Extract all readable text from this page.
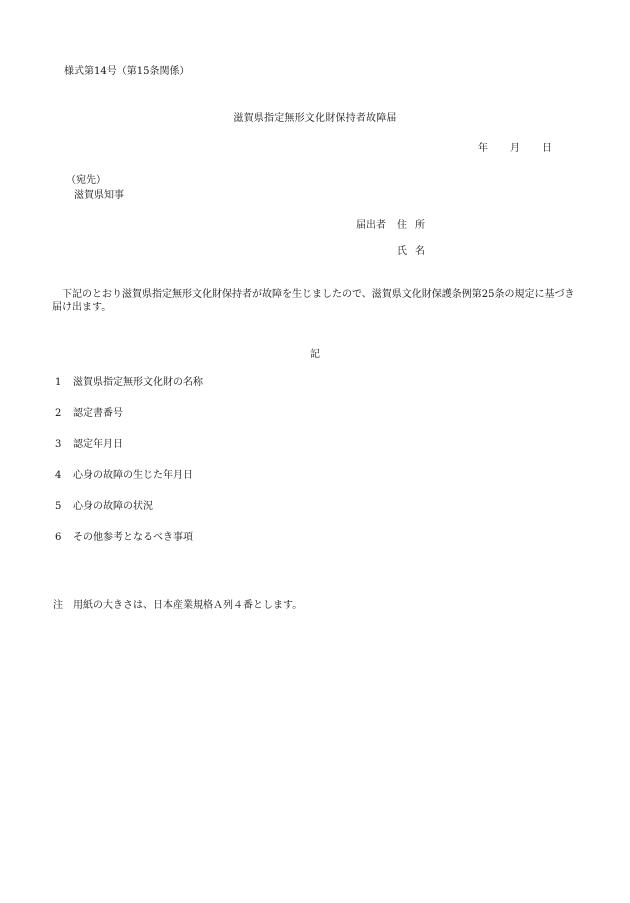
様式第14号（第15条関係）
滋賀県指定無形文化財保持者故障届
年 月 日
（宛先）
滋賀県知事
届出者 住所
氏名
下記のとおり滋賀県指定無形文化財保持者が故障を生じましたので、滋賀県文化財保護条例第25条の規定に基づき届け出ます。
記
1	滋賀県指定無形文化財の名称
2	認定書番号
3	認定年月日
4	心身の故障の生じた年月日
5	心身の故障の状況
6	その他参考となるべき事項
注	用紙の大きさは、日本産業規格Ａ列４番とします。
